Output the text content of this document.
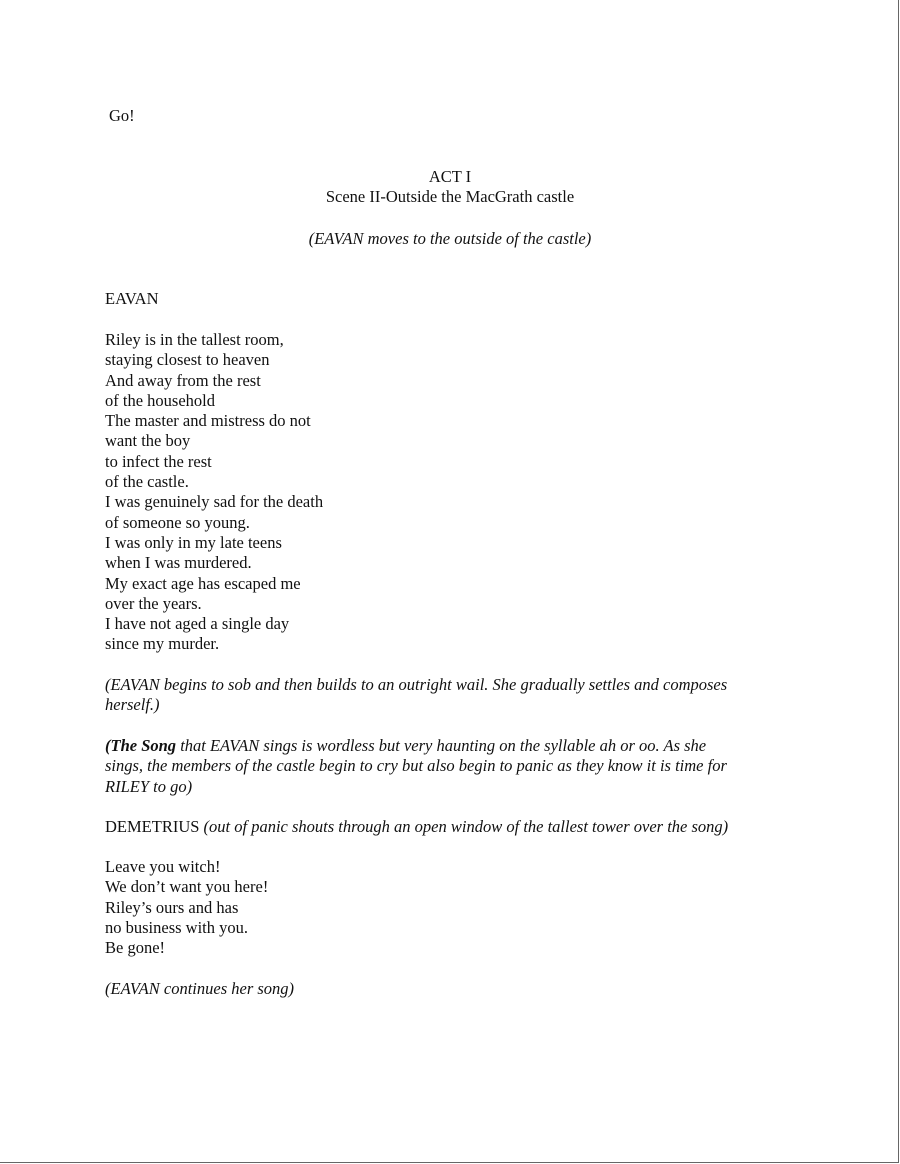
Go!
ACT I
Scene II-Outside the MacGrath castle
(EAVAN moves to the outside of the castle)
EAVAN
Riley is in the tallest room,
staying closest to heaven
And away from the rest
of the household
The master and mistress do not
want the boy
to infect the rest
of the castle.
I was genuinely sad for the death
of someone so young.
I was only in my late teens
when I was murdered.
My exact age has escaped me
over the years.
I have not aged a single day
since my murder.
(EAVAN begins to sob and then builds to an outright wail. She gradually settles and composes
herself.)
(The Song that EAVAN sings is wordless but very haunting on the syllable ah or oo. As she
sings, the members of the castle begin to cry but also begin to panic as they know it is time for
RILEY to go)
DEMETRIUS (out of panic shouts through an open window of the tallest tower over the song)
Leave you witch!
We don’t want you here!
Riley’s ours and has
no business with you.
Be gone!
(EAVAN continues her song)
